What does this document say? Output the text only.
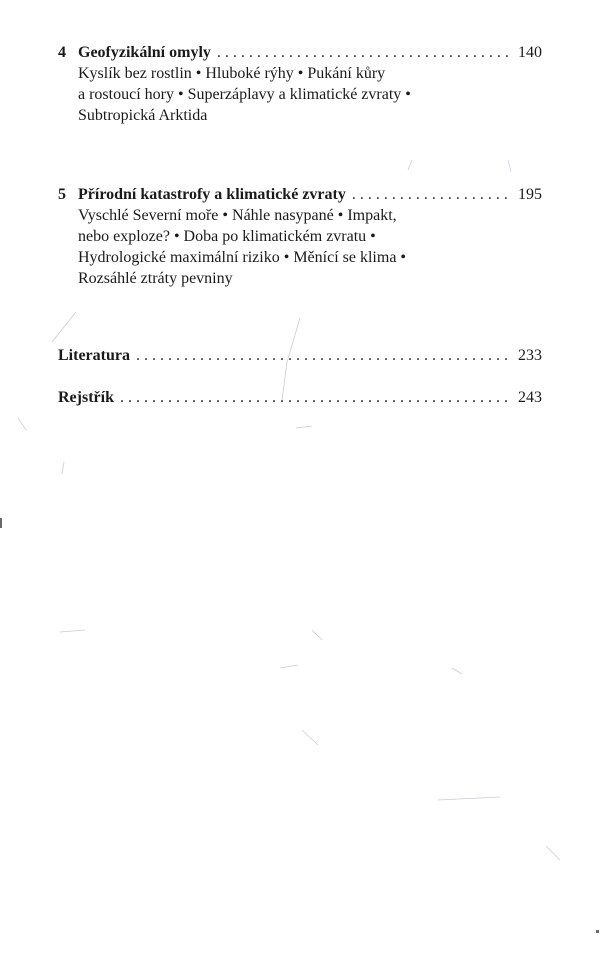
4 Geofyzikální omyly . . .	140
Kyslík bez rostlin • Hluboké rýhy • Pukání kůry
a rostoucí hory • Superzáplavy a klimatické zvraty •
Subtropická Arktida
5 Přírodní katastrofy a klimatické zvraty . . .	195
Vyschlé Severní moře • Náhle nasypané • Impakt,
nebo exploze? • Doba po klimatickém zvratu •
Hydrologické maximální riziko • Měnící se klima •
Rozsáhlé ztráty pevniny
Literatura . . .	233
Rejstřík . . .	243
